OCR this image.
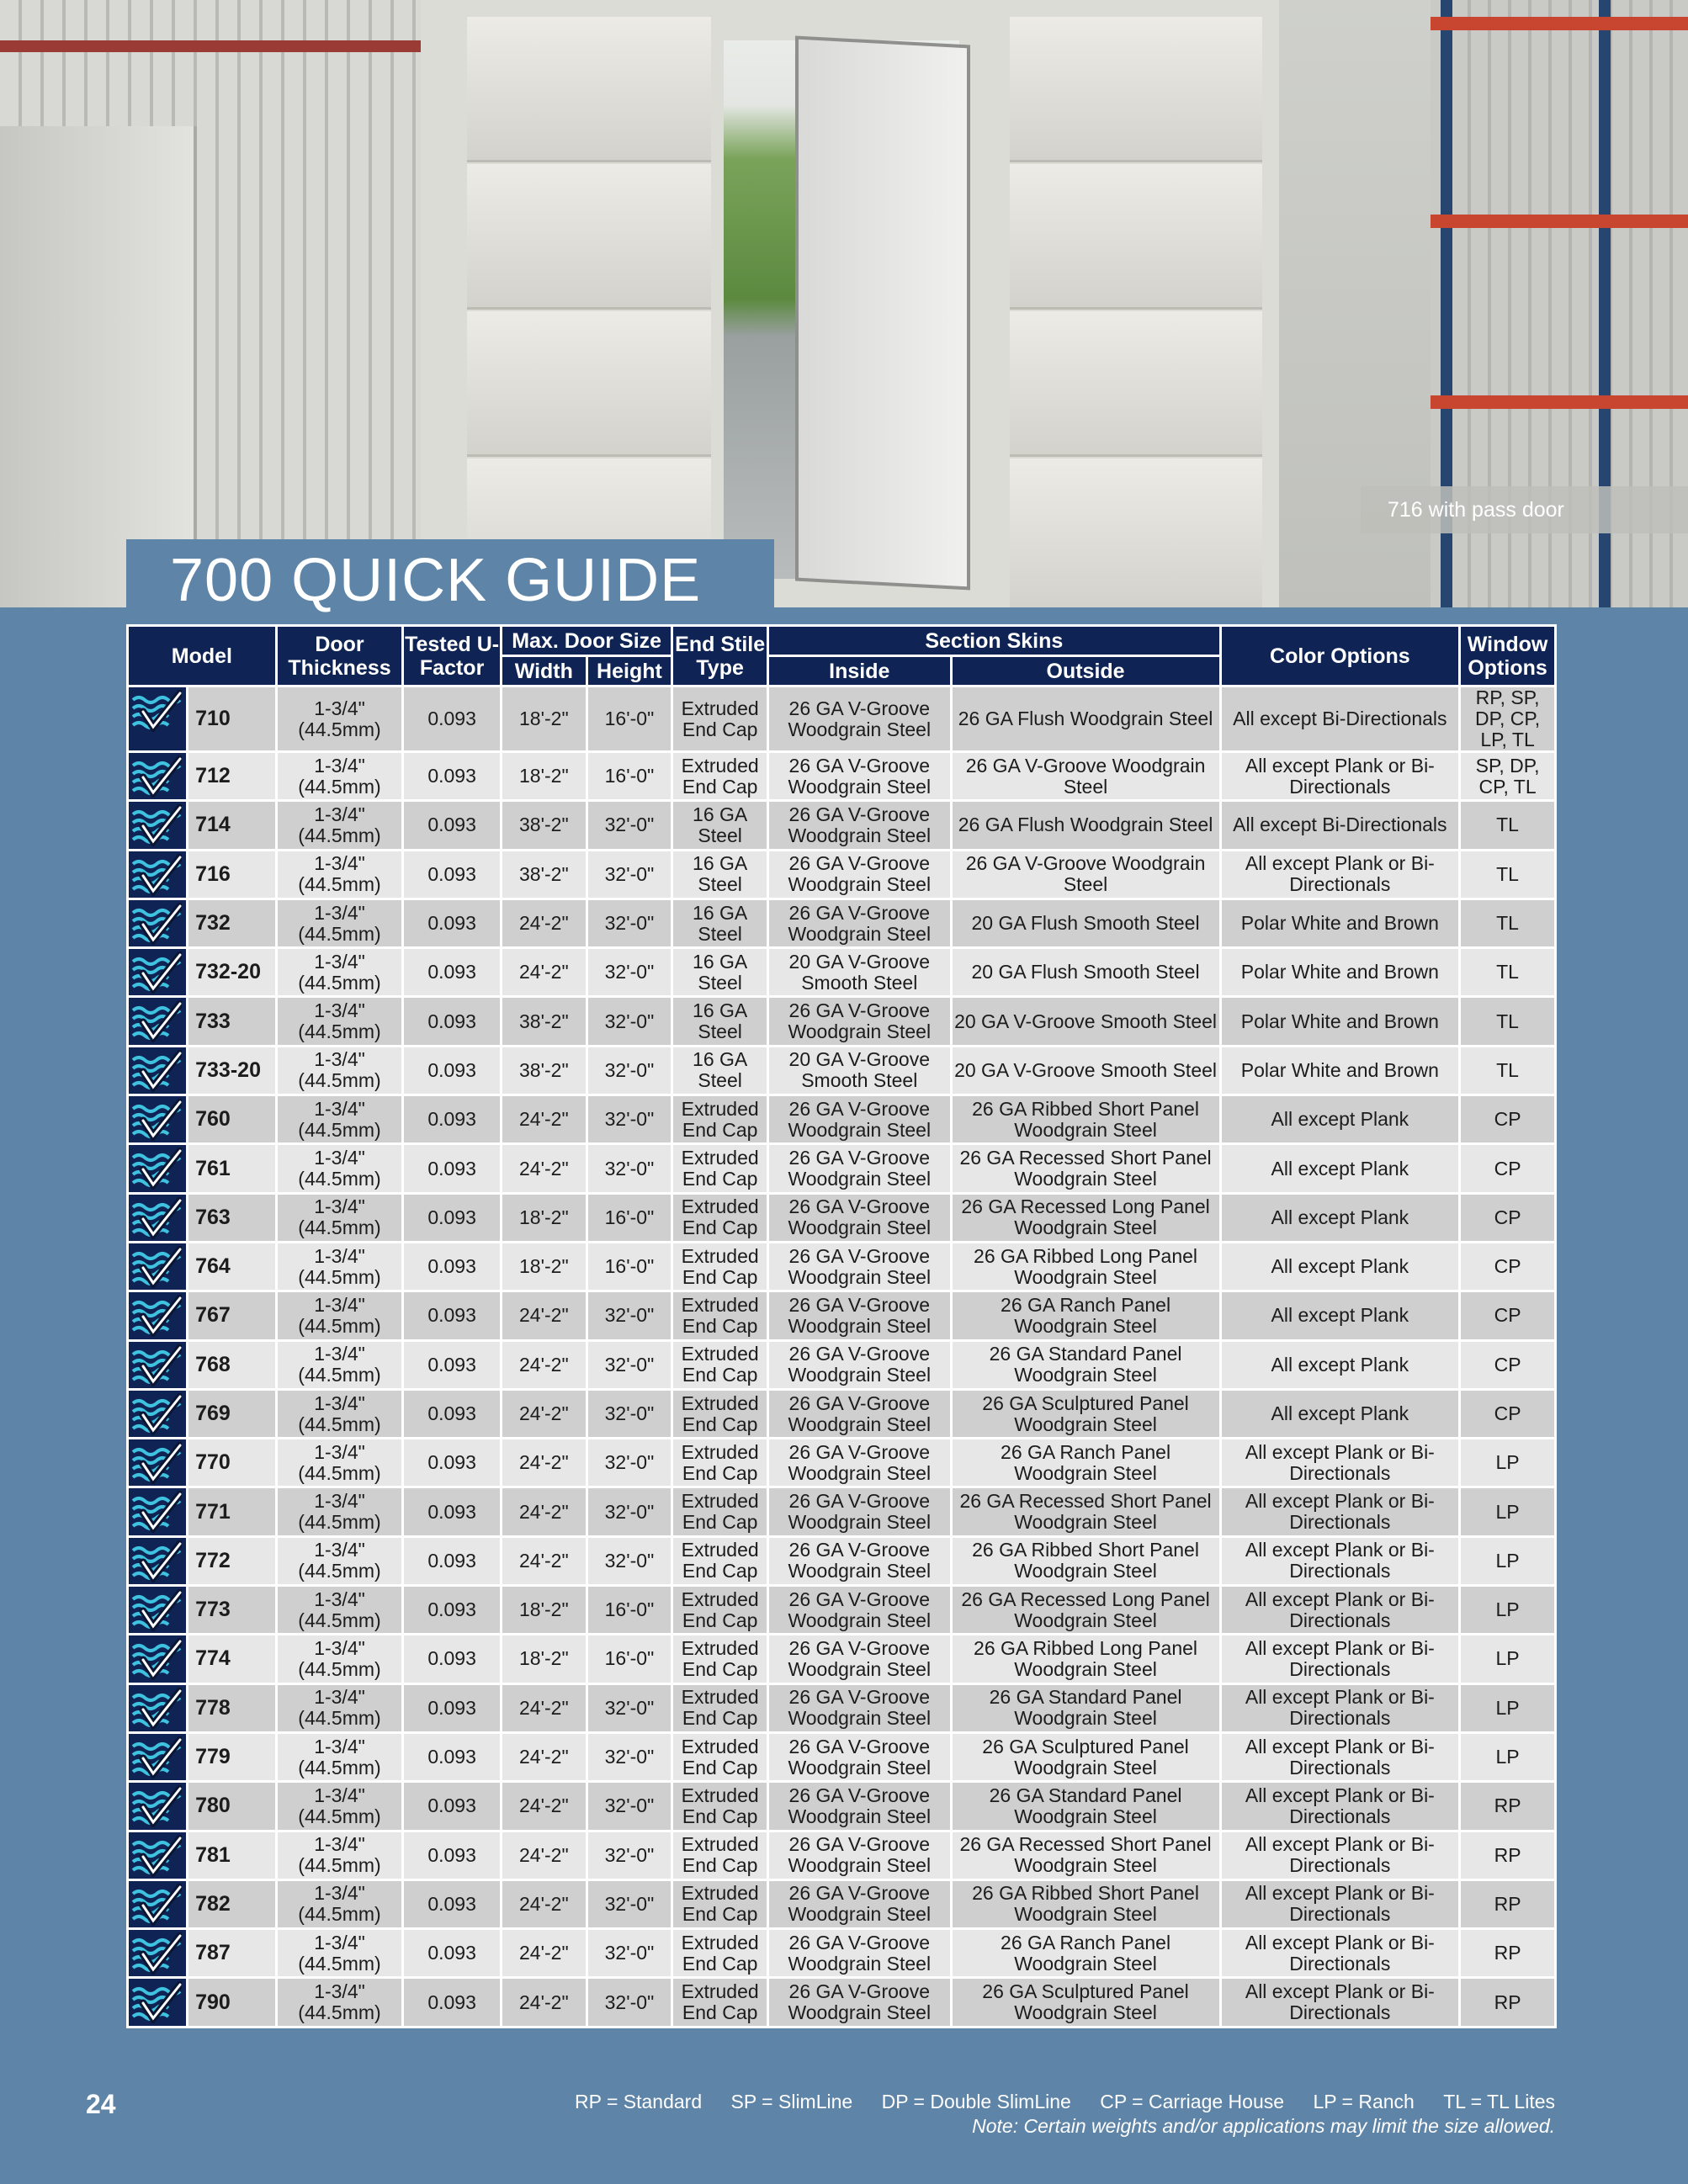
716 with pass door
700 QUICK GUIDE
Model		Door Thickness	Tested U-Factor	Max. Door Size		End Stile Type	Section Skins		Color Options	Window Options
				Width	Height		Inside	Outside		

	710	1-3/4" (44.5mm)	0.093	18'-2"	16'-0"	Extruded End Cap	26 GA V-Groove Woodgrain Steel	26 GA Flush Woodgrain Steel	All except Bi-Directionals	RP, SP, DP, CP, LP, TL

	712	1-3/4" (44.5mm)	0.093	18'-2"	16'-0"	Extruded End Cap	26 GA V-Groove Woodgrain Steel	26 GA V-Groove Woodgrain Steel	All except Plank or Bi-Directionals	SP, DP, CP, TL

	714	1-3/4" (44.5mm)	0.093	38'-2"	32'-0"	16 GA Steel	26 GA V-Groove Woodgrain Steel	26 GA Flush Woodgrain Steel	All except Bi-Directionals	TL

	716	1-3/4" (44.5mm)	0.093	38'-2"	32'-0"	16 GA Steel	26 GA V-Groove Woodgrain Steel	26 GA V-Groove Woodgrain Steel	All except Plank or Bi-Directionals	TL

	732	1-3/4" (44.5mm)	0.093	24'-2"	32'-0"	16 GA Steel	26 GA V-Groove Woodgrain Steel	20 GA Flush Smooth Steel	Polar White and Brown	TL

	732-20	1-3/4" (44.5mm)	0.093	24'-2"	32'-0"	16 GA Steel	20 GA V-Groove Smooth Steel	20 GA Flush Smooth Steel	Polar White and Brown	TL

	733	1-3/4" (44.5mm)	0.093	38'-2"	32'-0"	16 GA Steel	26 GA V-Groove Woodgrain Steel	20 GA V-Groove Smooth Steel	Polar White and Brown	TL

	733-20	1-3/4" (44.5mm)	0.093	38'-2"	32'-0"	16 GA Steel	20 GA V-Groove Smooth Steel	20 GA V-Groove Smooth Steel	Polar White and Brown	TL

	760	1-3/4" (44.5mm)	0.093	24'-2"	32'-0"	Extruded End Cap	26 GA V-Groove Woodgrain Steel	26 GA Ribbed Short Panel Woodgrain Steel	All except Plank	CP

	761	1-3/4" (44.5mm)	0.093	24'-2"	32'-0"	Extruded End Cap	26 GA V-Groove Woodgrain Steel	26 GA Recessed Short Panel Woodgrain Steel	All except Plank	CP

	763	1-3/4" (44.5mm)	0.093	18'-2"	16'-0"	Extruded End Cap	26 GA V-Groove Woodgrain Steel	26 GA Recessed Long Panel Woodgrain Steel	All except Plank	CP

	764	1-3/4" (44.5mm)	0.093	18'-2"	16'-0"	Extruded End Cap	26 GA V-Groove Woodgrain Steel	26 GA Ribbed Long Panel Woodgrain Steel	All except Plank	CP

	767	1-3/4" (44.5mm)	0.093	24'-2"	32'-0"	Extruded End Cap	26 GA V-Groove Woodgrain Steel	26 GA Ranch Panel Woodgrain Steel	All except Plank	CP

	768	1-3/4" (44.5mm)	0.093	24'-2"	32'-0"	Extruded End Cap	26 GA V-Groove Woodgrain Steel	26 GA Standard Panel Woodgrain Steel	All except Plank	CP

	769	1-3/4" (44.5mm)	0.093	24'-2"	32'-0"	Extruded End Cap	26 GA V-Groove Woodgrain Steel	26 GA Sculptured Panel Woodgrain Steel	All except Plank	CP

	770	1-3/4" (44.5mm)	0.093	24'-2"	32'-0"	Extruded End Cap	26 GA V-Groove Woodgrain Steel	26 GA Ranch Panel Woodgrain Steel	All except Plank or Bi-Directionals	LP

	771	1-3/4" (44.5mm)	0.093	24'-2"	32'-0"	Extruded End Cap	26 GA V-Groove Woodgrain Steel	26 GA Recessed Short Panel Woodgrain Steel	All except Plank or Bi-Directionals	LP

	772	1-3/4" (44.5mm)	0.093	24'-2"	32'-0"	Extruded End Cap	26 GA V-Groove Woodgrain Steel	26 GA Ribbed Short Panel Woodgrain Steel	All except Plank or Bi-Directionals	LP

	773	1-3/4" (44.5mm)	0.093	18'-2"	16'-0"	Extruded End Cap	26 GA V-Groove Woodgrain Steel	26 GA Recessed Long Panel Woodgrain Steel	All except Plank or Bi-Directionals	LP

	774	1-3/4" (44.5mm)	0.093	18'-2"	16'-0"	Extruded End Cap	26 GA V-Groove Woodgrain Steel	26 GA Ribbed Long Panel Woodgrain Steel	All except Plank or Bi-Directionals	LP

	778	1-3/4" (44.5mm)	0.093	24'-2"	32'-0"	Extruded End Cap	26 GA V-Groove Woodgrain Steel	26 GA Standard Panel Woodgrain Steel	All except Plank or Bi-Directionals	LP

	779	1-3/4" (44.5mm)	0.093	24'-2"	32'-0"	Extruded End Cap	26 GA V-Groove Woodgrain Steel	26 GA Sculptured Panel Woodgrain Steel	All except Plank or Bi-Directionals	LP

	780	1-3/4" (44.5mm)	0.093	24'-2"	32'-0"	Extruded End Cap	26 GA V-Groove Woodgrain Steel	26 GA Standard Panel Woodgrain Steel	All except Plank or Bi-Directionals	RP

	781	1-3/4" (44.5mm)	0.093	24'-2"	32'-0"	Extruded End Cap	26 GA V-Groove Woodgrain Steel	26 GA Recessed Short Panel Woodgrain Steel	All except Plank or Bi-Directionals	RP

	782	1-3/4" (44.5mm)	0.093	24'-2"	32'-0"	Extruded End Cap	26 GA V-Groove Woodgrain Steel	26 GA Ribbed Short Panel Woodgrain Steel	All except Plank or Bi-Directionals	RP

	787	1-3/4" (44.5mm)	0.093	24'-2"	32'-0"	Extruded End Cap	26 GA V-Groove Woodgrain Steel	26 GA Ranch Panel Woodgrain Steel	All except Plank or Bi-Directionals	RP

	790	1-3/4" (44.5mm)	0.093	24'-2"	32'-0"	Extruded End Cap	26 GA V-Groove Woodgrain Steel	26 GA Sculptured Panel Woodgrain Steel	All except Plank or Bi-Directionals	RP
24	RP = Standard SP = SlimLine DP = Double SlimLine CP = Carriage House LP = Ranch TL = TL Lites
Note: Certain weights and/or applications may limit the size allowed.
